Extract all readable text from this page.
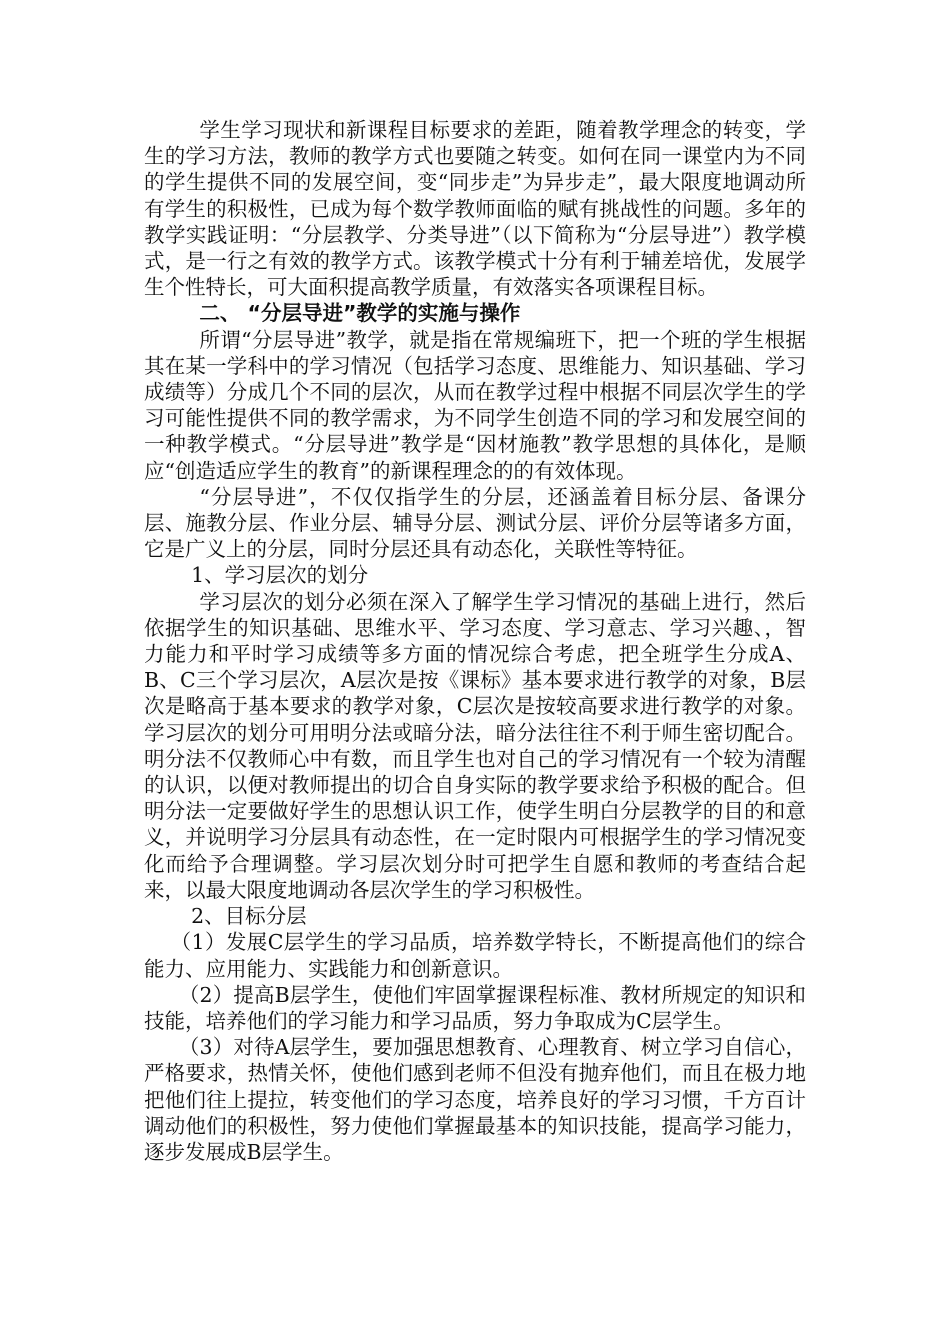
学生学习现状和新课程目标要求的差距，随着教学理念的转变，学生的学习方法，教师的教学方式也要随之转变。如何在同一课堂内为不同的学生提供不同的发展空间，变“同步走”为异步走”，最大限度地调动所有学生的积极性，已成为每个数学教师面临的赋有挑战性的问题。多年的教学实践证明：“分层教学、分类导进”（以下简称为“分层导进”）教学模式，是一行之有效的教学方式。该教学模式十分有利于辅差培优，发展学生个性特长，可大面积提高教学质量，有效落实各项课程目标。

二、 “分层导进”教学的实施与操作

所谓“分层导进”教学，就是指在常规编班下，把一个班的学生根据其在某一学科中的学习情况（包括学习态度、思维能力、知识基础、学习成绩等）分成几个不同的层次，从而在教学过程中根据不同层次学生的学习可能性提供不同的教学需求，为不同学生创造不同的学习和发展空间的一种教学模式。“分层导进”教学是“因材施教”教学思想的具体化，是顺应“创造适应学生的教育”的新课程理念的的有效体现。

“分层导进”，不仅仅指学生的分层，还涵盖着目标分层、备课分层、施教分层、作业分层、辅导分层、测试分层、评价分层等诸多方面，它是广义上的分层，同时分层还具有动态化，关联性等特征。

1、学习层次的划分

学习层次的划分必须在深入了解学生学习情况的基础上进行，然后依据学生的知识基础、思维水平、学习态度、学习意志、学习兴趣、，智力能力和平时学习成绩等多方面的情况综合考虑，把全班学生分成A、B、C三个学习层次，A层次是按《课标》基本要求进行教学的对象，B层次是略高于基本要求的教学对象，C层次是按较高要求进行教学的对象。学习层次的划分可用明分法或暗分法，暗分法往往不利于师生密切配合。明分法不仅教师心中有数，而且学生也对自己的学习情况有一个较为清醒的认识，以便对教师提出的切合自身实际的教学要求给予积极的配合。但明分法一定要做好学生的思想认识工作，使学生明白分层教学的目的和意义，并说明学习分层具有动态性，在一定时限内可根据学生的学习情况变化而给予合理调整。学习层次划分时可把学生自愿和教师的考查结合起来，以最大限度地调动各层次学生的学习积极性。

2、目标分层

（1）发展C层学生的学习品质，培养数学特长，不断提高他们的综合能力、应用能力、实践能力和创新意识。

（2）提高B层学生，使他们牢固掌握课程标准、教材所规定的知识和技能，培养他们的学习能力和学习品质，努力争取成为C层学生。

（3）对待A层学生，要加强思想教育、心理教育、树立学习自信心，严格要求，热情关怀，使他们感到老师不但没有抛弃他们，而且在极力地把他们往上提拉，转变他们的学习态度，培养良好的学习习惯，千方百计调动他们的积极性，努力使他们掌握最基本的知识技能，提高学习能力，逐步发展成B层学生。
